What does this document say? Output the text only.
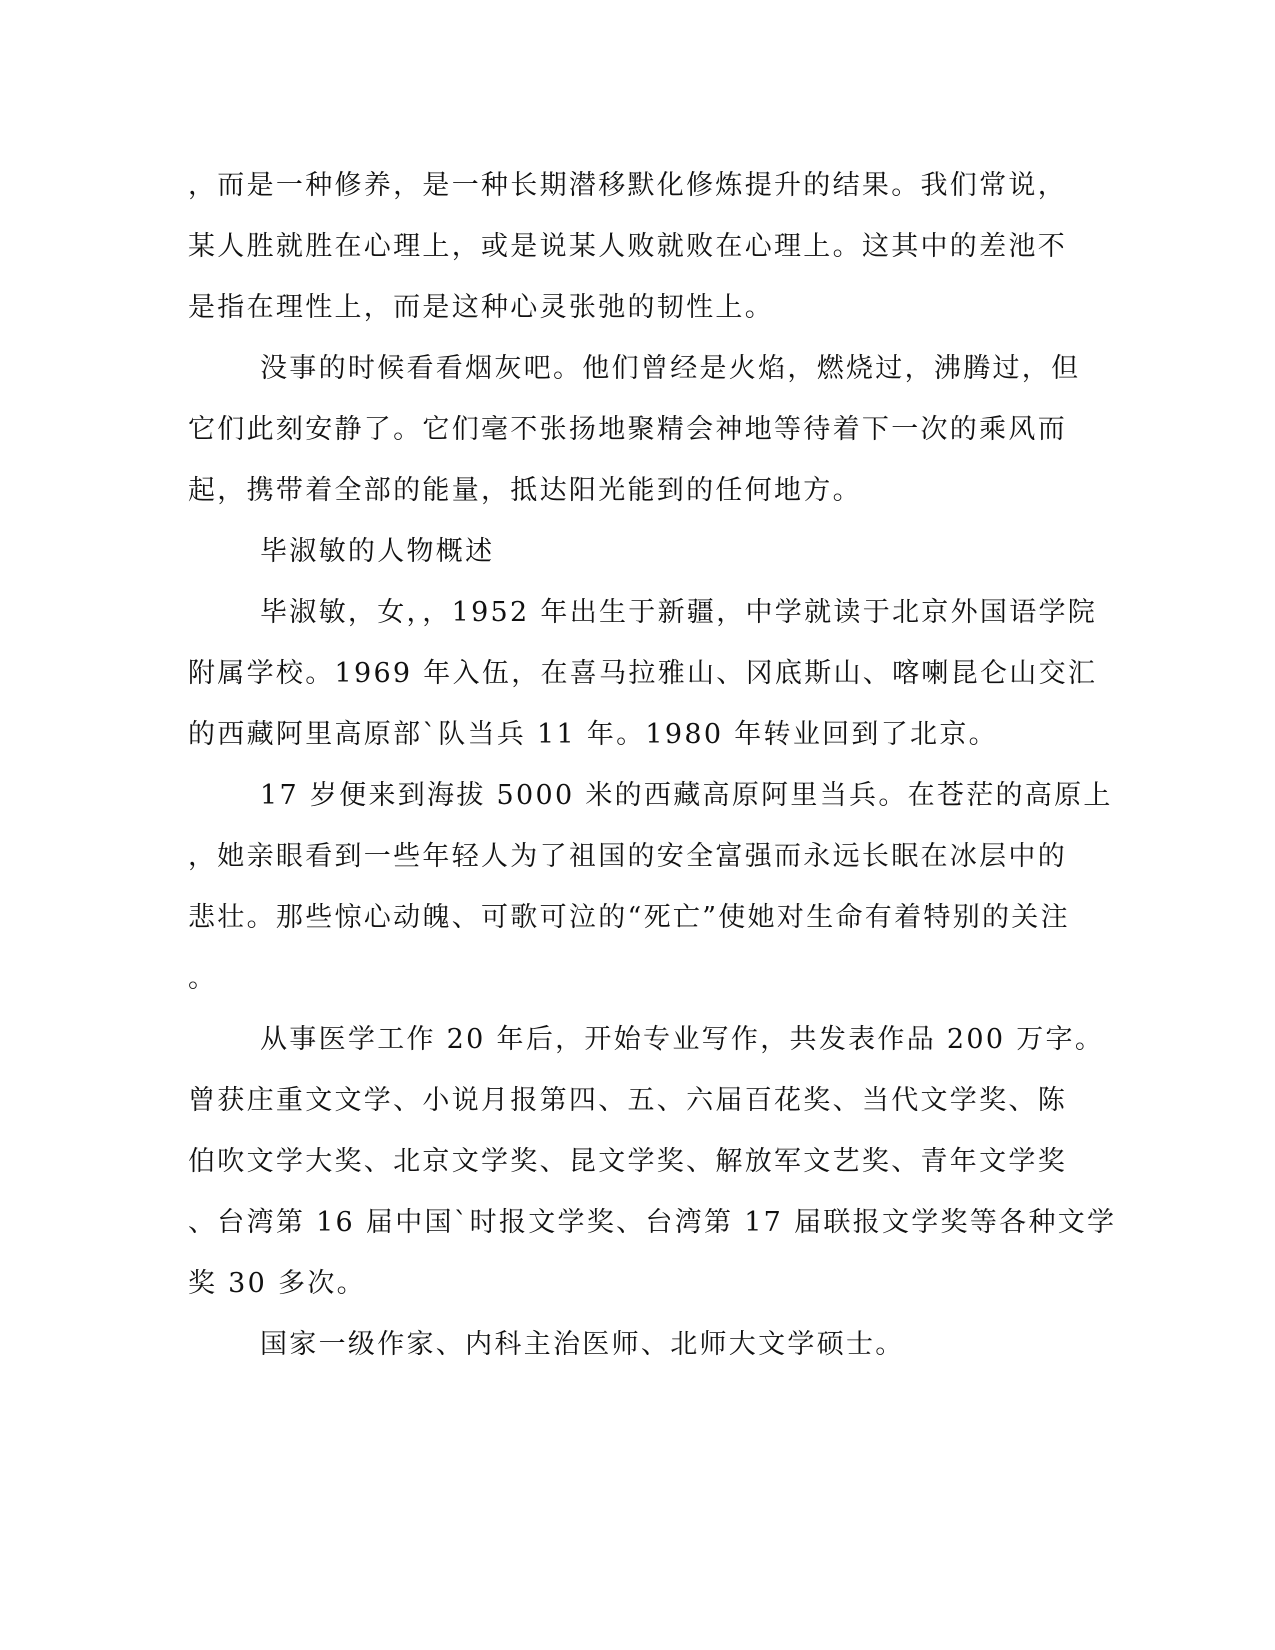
，而是一种修养，是一种长期潜移默化修炼提升的结果。我们常说，
某人胜就胜在心理上，或是说某人败就败在心理上。这其中的差池不
是指在理性上，而是这种心灵张弛的韧性上。
没事的时候看看烟灰吧。他们曾经是火焰，燃烧过，沸腾过，但
它们此刻安静了。它们毫不张扬地聚精会神地等待着下一次的乘风而
起，携带着全部的能量，抵达阳光能到的任何地方。
毕淑敏的人物概述
毕淑敏，女，，1952 年出生于新疆，中学就读于北京外国语学院
附属学校。1969 年入伍，在喜马拉雅山、冈底斯山、喀喇昆仑山交汇
的西藏阿里高原部`队当兵 11 年。1980 年转业回到了北京。
17 岁便来到海拔 5000 米的西藏高原阿里当兵。在苍茫的高原上
，她亲眼看到一些年轻人为了祖国的安全富强而永远长眠在冰层中的
悲壮。那些惊心动魄、可歌可泣的“死亡”使她对生命有着特别的关注
。
从事医学工作 20 年后，开始专业写作，共发表作品 200 万字。
曾获庄重文文学、小说月报第四、五、六届百花奖、当代文学奖、陈
伯吹文学大奖、北京文学奖、昆文学奖、解放军文艺奖、青年文学奖
、台湾第 16 届中国`时报文学奖、台湾第 17 届联报文学奖等各种文学
奖 30 多次。
国家一级作家、内科主治医师、北师大文学硕士。
